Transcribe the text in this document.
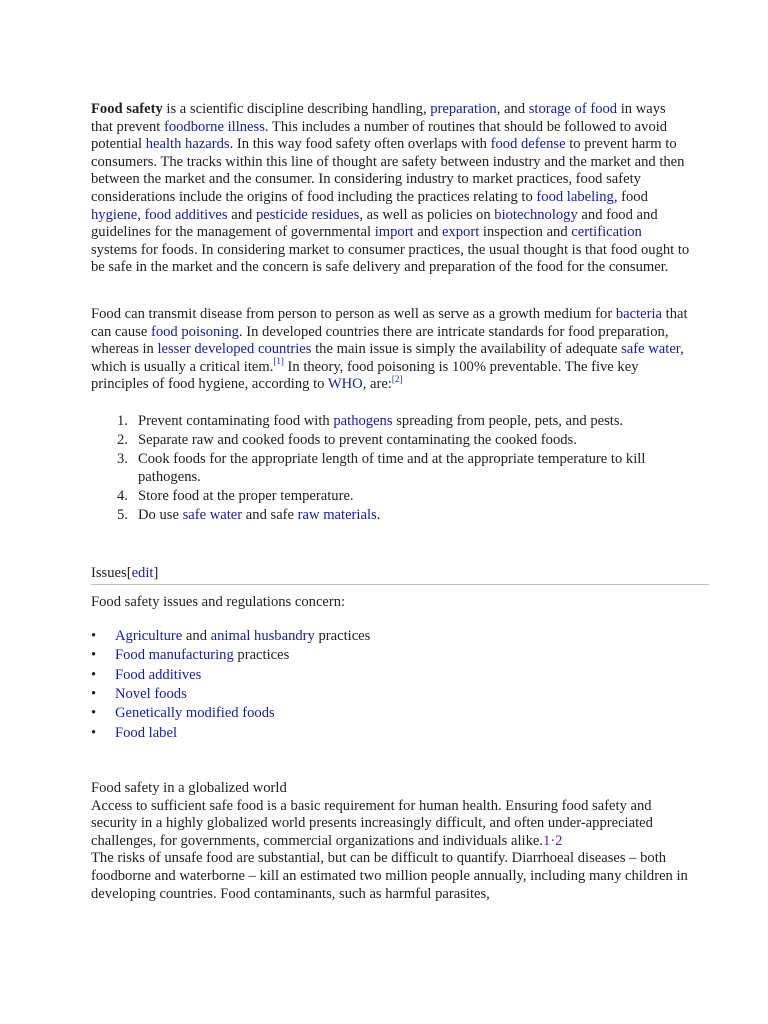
Food safety is a scientific discipline describing handling, preparation, and storage of food in ways that prevent foodborne illness. This includes a number of routines that should be followed to avoid potential health hazards. In this way food safety often overlaps with food defense to prevent harm to consumers. The tracks within this line of thought are safety between industry and the market and then between the market and the consumer. In considering industry to market practices, food safety considerations include the origins of food including the practices relating to food labeling, food hygiene, food additives and pesticide residues, as well as policies on biotechnology and food and guidelines for the management of governmental import and export inspection and certification systems for foods. In considering market to consumer practices, the usual thought is that food ought to be safe in the market and the concern is safe delivery and preparation of the food for the consumer.

Food can transmit disease from person to person as well as serve as a growth medium for bacteria that can cause food poisoning. In developed countries there are intricate standards for food preparation, whereas in lesser developed countries the main issue is simply the availability of adequate safe water, which is usually a critical item.[1] In theory, food poisoning is 100% preventable. The five key principles of food hygiene, according to WHO, are:[2]

1. Prevent contaminating food with pathogens spreading from people, pets, and pests.
2. Separate raw and cooked foods to prevent contaminating the cooked foods.
3. Cook foods for the appropriate length of time and at the appropriate temperature to kill pathogens.
4. Store food at the proper temperature.
5. Do use safe water and safe raw materials.
Issues[edit]

Food safety issues and regulations concern:

• Agriculture and animal husbandry practices
• Food manufacturing practices
• Food additives
• Novel foods
• Genetically modified foods
• Food label

Food safety in a globalized world
Access to sufficient safe food is a basic requirement for human health. Ensuring food safety and security in a highly globalized world presents increasingly difficult, and often under-appreciated challenges, for governments, commercial organizations and individuals alike.1·2
The risks of unsafe food are substantial, but can be difficult to quantify. Diarrhoeal diseases – both foodborne and waterborne – kill an estimated two million people annually, including many children in developing countries. Food contaminants, such as harmful parasites,
